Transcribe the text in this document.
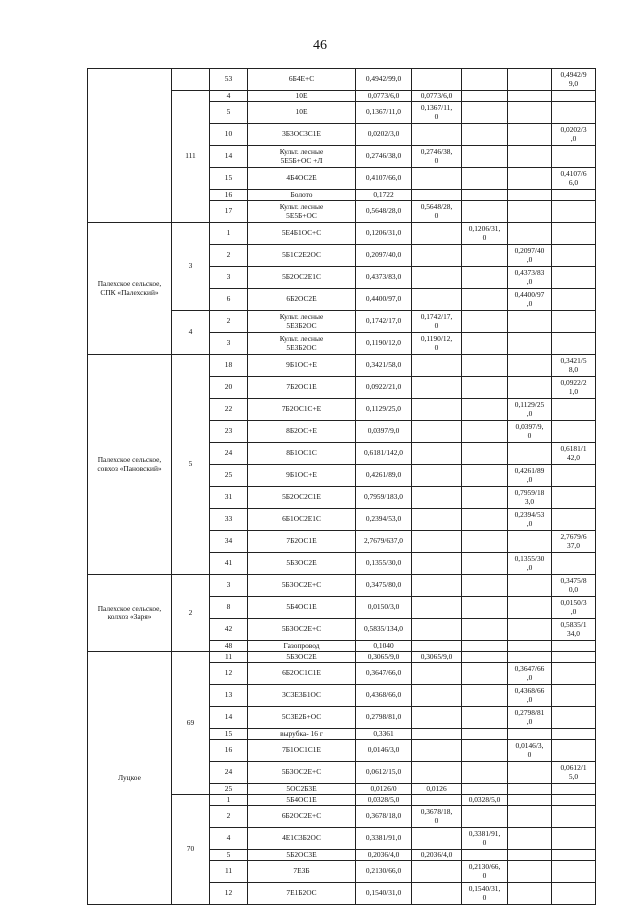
46
		53	6Б4Е+С	0,4942/99,0				0,4942/9
9,0
	111	4	10Е	0,0773/6,0	0,0773/6,0			
		5	10Е	0,1367/11,0	0,1367/11,
0			
		10	3Б3ОС3С1Е	0,0202/3,0				0,0202/3
,0
		14	Культ. лесные
5Е5Б+ОС +Л	0,2746/38,0	0,2746/38,
0			
		15	4Б4ОС2Е	0,4107/66,0				0,4107/6
6,0
		16	Болото	0,1722				
		17	Культ. лесные
5Е5Б+ОС	0,5648/28,0	0,5648/28,
0			
Палехское сельское,
СПК «Палехский»	3	1	5Е4Б1ОС+С	0,1206/31,0		0,1206/31,
0		
		2	5Б1С2Е2ОС	0,2097/40,0			0,2097/40
,0	
		3	5Б2ОС2Е1С	0,4373/83,0			0,4373/83
,0	
		6	6Б2ОС2Е	0,4400/97,0			0,4400/97
,0	
	4	2	Культ. лесные
5Е3Б2ОС	0,1742/17,0	0,1742/17,
0			
		3	Культ. лесные
5Е3Б2ОС	0,1190/12,0	0,1190/12,
0			
Палехское сельское,
совхоз «Пановский»	5	18	9Б1ОС+Е	0,3421/58,0				0,3421/5
8,0
		20	7Б2ОС1Е	0,0922/21,0				0,0922/2
1,0
		22	7Б2ОС1С+Е	0,1129/25,0			0,1129/25
,0	
		23	8Б2ОС+Е	0,0397/9,0			0,0397/9,
0	
		24	8Б1ОС1С	0,6181/142,0				0,6181/1
42,0
		25	9Б1ОС+Е	0,4261/89,0			0,4261/89
,0	
		31	5Б2ОС2С1Е	0,7959/183,0			0,7959/18
3,0	
		33	6Б1ОС2Е1С	0,2394/53,0			0,2394/53
,0	
		34	7Б2ОС1Е	2,7679/637,0				2,7679/6
37,0
		41	5Б3ОС2Е	0,1355/30,0			0,1355/30
,0	
Палехское сельское,
колхоз «Заря»	2	3	5Б3ОС2Е+С	0,3475/80,0				0,3475/8
0,0
		8	5Б4ОС1Е	0,0150/3,0				0,0150/3
,0
		42	5Б3ОС2Е+С	0,5835/134,0				0,5835/1
34,0
		48	Газопровод	0,1040				
Луцкое	69	11	5Б3ОС2Е	0,3065/9,0	0,3065/9,0			
		12	6Б2ОС1С1Е	0,3647/66,0			0,3647/66
,0	
		13	3С3Е3Б1ОС	0,4368/66,0			0,4368/66
,0	
		14	5С3Е2Б+ОС	0,2798/81,0			0,2798/81
,0	
		15	вырубка- 16 г	0,3361				
		16	7Б1ОС1С1Е	0,0146/3,0			0,0146/3,
0	
		24	5Б3ОС2Е+С	0,0612/15,0				0,0612/1
5,0
		25	5ОС2Б3Е	0,0126/0	0,0126			
	70	1	5Б4ОС1Е	0,0328/5,0		0,0328/5,0		
		2	6Б2ОС2Е+С	0,3678/18,0	0,3678/18,
0			
		4	4Е1С3Б2ОС	0,3381/91,0		0,3381/91,
0		
		5	5Б2ОС3Е	0,2036/4,0	0,2036/4,0			
		11	7Е3Б	0,2130/66,0		0,2130/66,
0		
		12	7Е1Б2ОС	0,1540/31,0		0,1540/31,
0		
